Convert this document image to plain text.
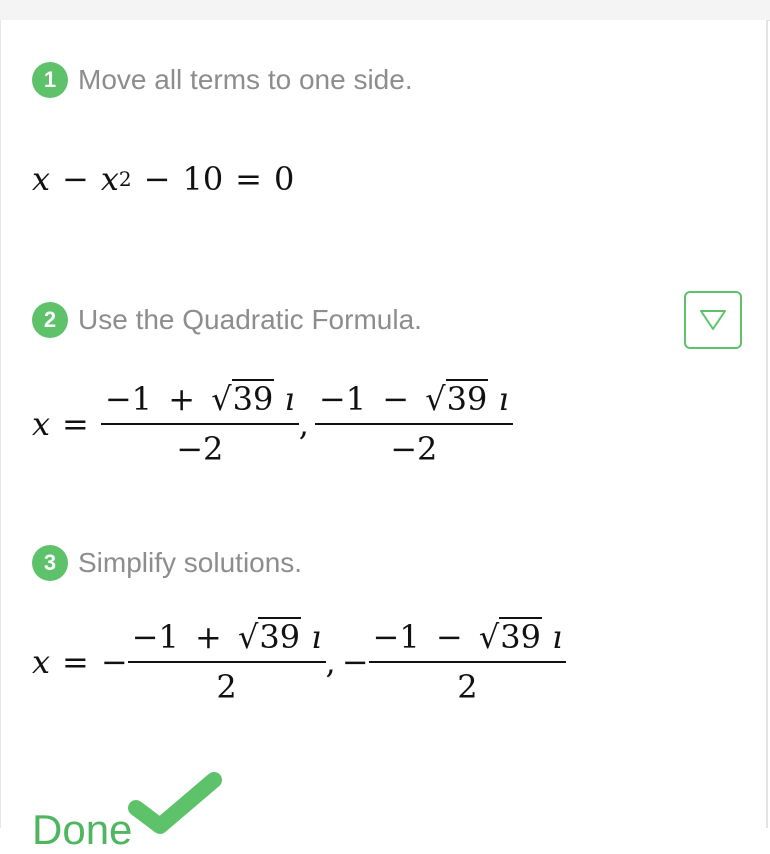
1 Move all terms to one side.
x − x 2 − 10 = 0
2 Use the Quadratic Formula.
$x = \frac{-1 + √ 39 ı}{-2}$ , $\frac{-1 - √ 39 ı}{-2}$
3 Simplify solutions.
x = − $\frac{-1 + √ 39 ı}{2}$ , − $\frac{-1 - √ 39 ı}{2}$
Done
